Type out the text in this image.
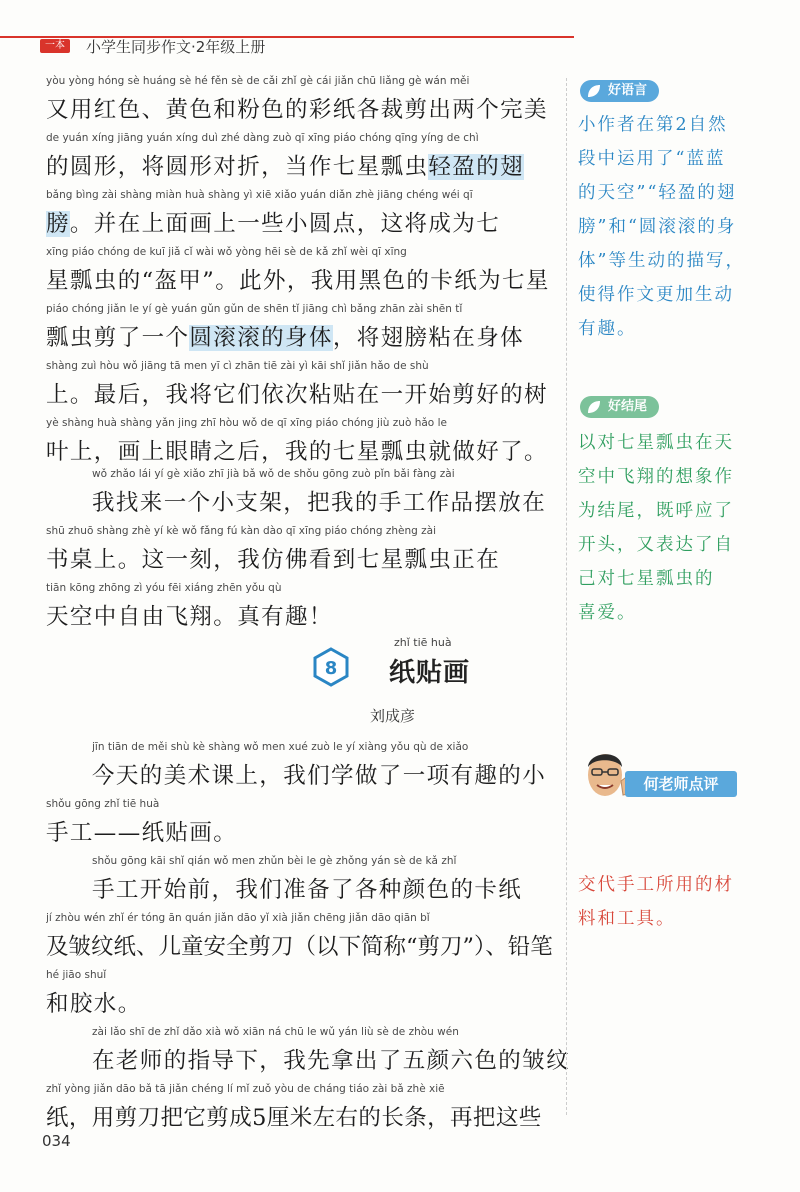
一本	小学生同步作文·2年级上册
yòu yòng hóng sè huáng sè hé fěn sè de cǎi zhǐ gè cái jiǎn chū liǎng gè wán měi
又用红色、黄色和粉色的彩纸各裁剪出两个完美
de yuán xíng jiāng yuán xíng duì zhé dàng zuò qī xīng piáo chóng qīng yíng de chì
的圆形，将圆形对折，当作七星瓢虫轻盈的翅
bǎng bìng zài shàng miàn huà shàng yì xiē xiǎo yuán diǎn zhè jiāng chéng wéi qī
膀。并在上面画上一些小圆点，这将成为七
xīng piáo chóng de kuī jiǎ cǐ wài wǒ yòng hēi sè de kǎ zhǐ wèi qī xīng
星瓢虫的“盔甲”。此外，我用黑色的卡纸为七星
piáo chóng jiǎn le yí gè yuán gǔn gǔn de shēn tǐ jiāng chì bǎng zhān zài shēn tǐ
瓢虫剪了一个圆滚滚的身体，将翅膀粘在身体
shàng zuì hòu wǒ jiāng tā men yī cì zhān tiē zài yì kāi shǐ jiǎn hǎo de shù
上。最后，我将它们依次粘贴在一开始剪好的树
yè shàng huà shàng yǎn jing zhī hòu wǒ de qī xīng piáo chóng jiù zuò hǎo le
叶上，画上眼睛之后，我的七星瓢虫就做好了。
wǒ zhǎo lái yí gè xiǎo zhī jià bǎ wǒ de shǒu gōng zuò pǐn bǎi fàng zài
我找来一个小支架，把我的手工作品摆放在
shū zhuō shàng zhè yí kè wǒ fǎng fú kàn dào qī xīng piáo chóng zhèng zài
书桌上。这一刻，我仿佛看到七星瓢虫正在
tiān kōng zhōng zì yóu fēi xiáng zhēn yǒu qù
天空中自由飞翔。真有趣！
8
zhǐ tiē huà
纸贴画
刘成彦
jīn tiān de měi shù kè shàng wǒ men xué zuò le yí xiàng yǒu qù de xiǎo
今天的美术课上，我们学做了一项有趣的小
shǒu gōng zhǐ tiē huà
手工——纸贴画。
shǒu gōng kāi shǐ qián wǒ men zhǔn bèi le gè zhǒng yán sè de kǎ zhǐ
手工开始前，我们准备了各种颜色的卡纸
jí zhòu wén zhǐ ér tóng ān quán jiǎn dāo yǐ xià jiǎn chēng jiǎn dāo qiān bǐ
及皱纹纸、儿童安全剪刀（以下简称“剪刀”）、铅笔
hé jiāo shuǐ
和胶水。
zài lǎo shī de zhǐ dǎo xià wǒ xiān ná chū le wǔ yán liù sè de zhòu wén
在老师的指导下，我先拿出了五颜六色的皱纹
zhǐ yòng jiǎn dāo bǎ tā jiǎn chéng lí mǐ zuǒ yòu de cháng tiáo zài bǎ zhè xiē
纸，用剪刀把它剪成5厘米左右的长条，再把这些
好语言
小作者在第2自然
段中运用了“蓝蓝
的天空”“轻盈的翅
膀”和“圆滚滚的身
体”等生动的描写，
使得作文更加生动
有趣。
好结尾
以对七星瓢虫在天
空中飞翔的想象作
为结尾，既呼应了
开头，又表达了自
己对七星瓢虫的
喜爱。
交代手工所用的材
料和工具。
何老师点评
034
